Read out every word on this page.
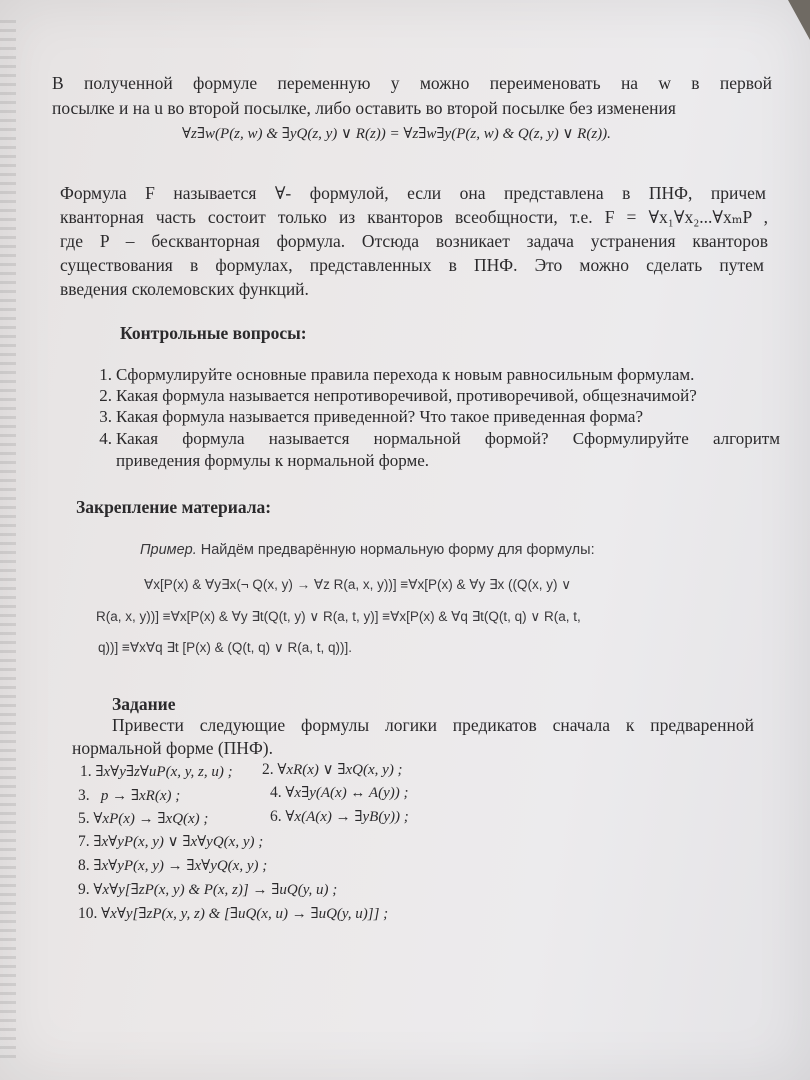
В полученной формуле переменную y можно переименовать на w в первой
посылке и на u во второй посылке, либо оставить во второй посылке без изменения
∀z∃w(P(z, w) & ∃yQ(z, y) ∨ R(z)) = ∀z∃w∃y(P(z, w) & Q(z, y) ∨ R(z)).
Формула F называется ∀- формулой, если она представлена в ПНФ, причем
кванторная часть состоит только из кванторов всеобщности, т.е. F = ∀x₁∀x₂...∀xₘP ,
где P – бескванторная формула. Отсюда возникает задача устранения кванторов
существования в формулах, представленных в ПНФ. Это можно сделать путем
введения сколемовских функций.
Контрольные вопросы:
1. Сформулируйте основные правила перехода к новым равносильным формулам.
2. Какая формула называется непротиворечивой, противоречивой, общезначимой?
3. Какая формула называется приведенной? Что такое приведенная форма?
4. Какая формула называется нормальной формой? Сформулируйте алгоритм
приведения формулы к нормальной форме.
Закрепление материала:
Пример. Найдём предварённую нормальную форму для формулы:
∀x[P(x) & ∀y∃x(¬ Q(x, y) → ∀z R(a, x, y))] ≡∀x[P(x) & ∀y ∃x ((Q(x, y) ∨
R(a, x, y))] ≡∀x[P(x) & ∀y ∃t(Q(t, y) ∨ R(a, t, y)] ≡∀x[P(x) & ∀q ∃t(Q(t, q) ∨ R(a, t,
q))] ≡∀x∀q ∃t [P(x) & (Q(t, q) ∨ R(a, t, q))].
Задание
Привести следующие формулы логики предикатов сначала к предваренной
нормальной форме (ПНФ).
1. ∃x∀y∃z∀uP(x, y, z, u) ; 2. ∀xR(x) ∨ ∃xQ(x, y) ;
3. p → ∃xR(x) ;	4. ∀x∃y(A(x) ↔ A(y)) ;
5. ∀xP(x) → ∃xQ(x) ;	6. ∀x(A(x) → ∃yB(y)) ;
7. ∃x∀yP(x, y) ∨ ∃x∀yQ(x, y) ;
8. ∃x∀yP(x, y) → ∃x∀yQ(x, y) ;
9. ∀x∀y[∃zP(x, y) & P(x, z)] → ∃uQ(y, u) ;
10. ∀x∀y[∃zP(x, y, z) & [∃uQ(x, u) → ∃uQ(y, u)]] ;
